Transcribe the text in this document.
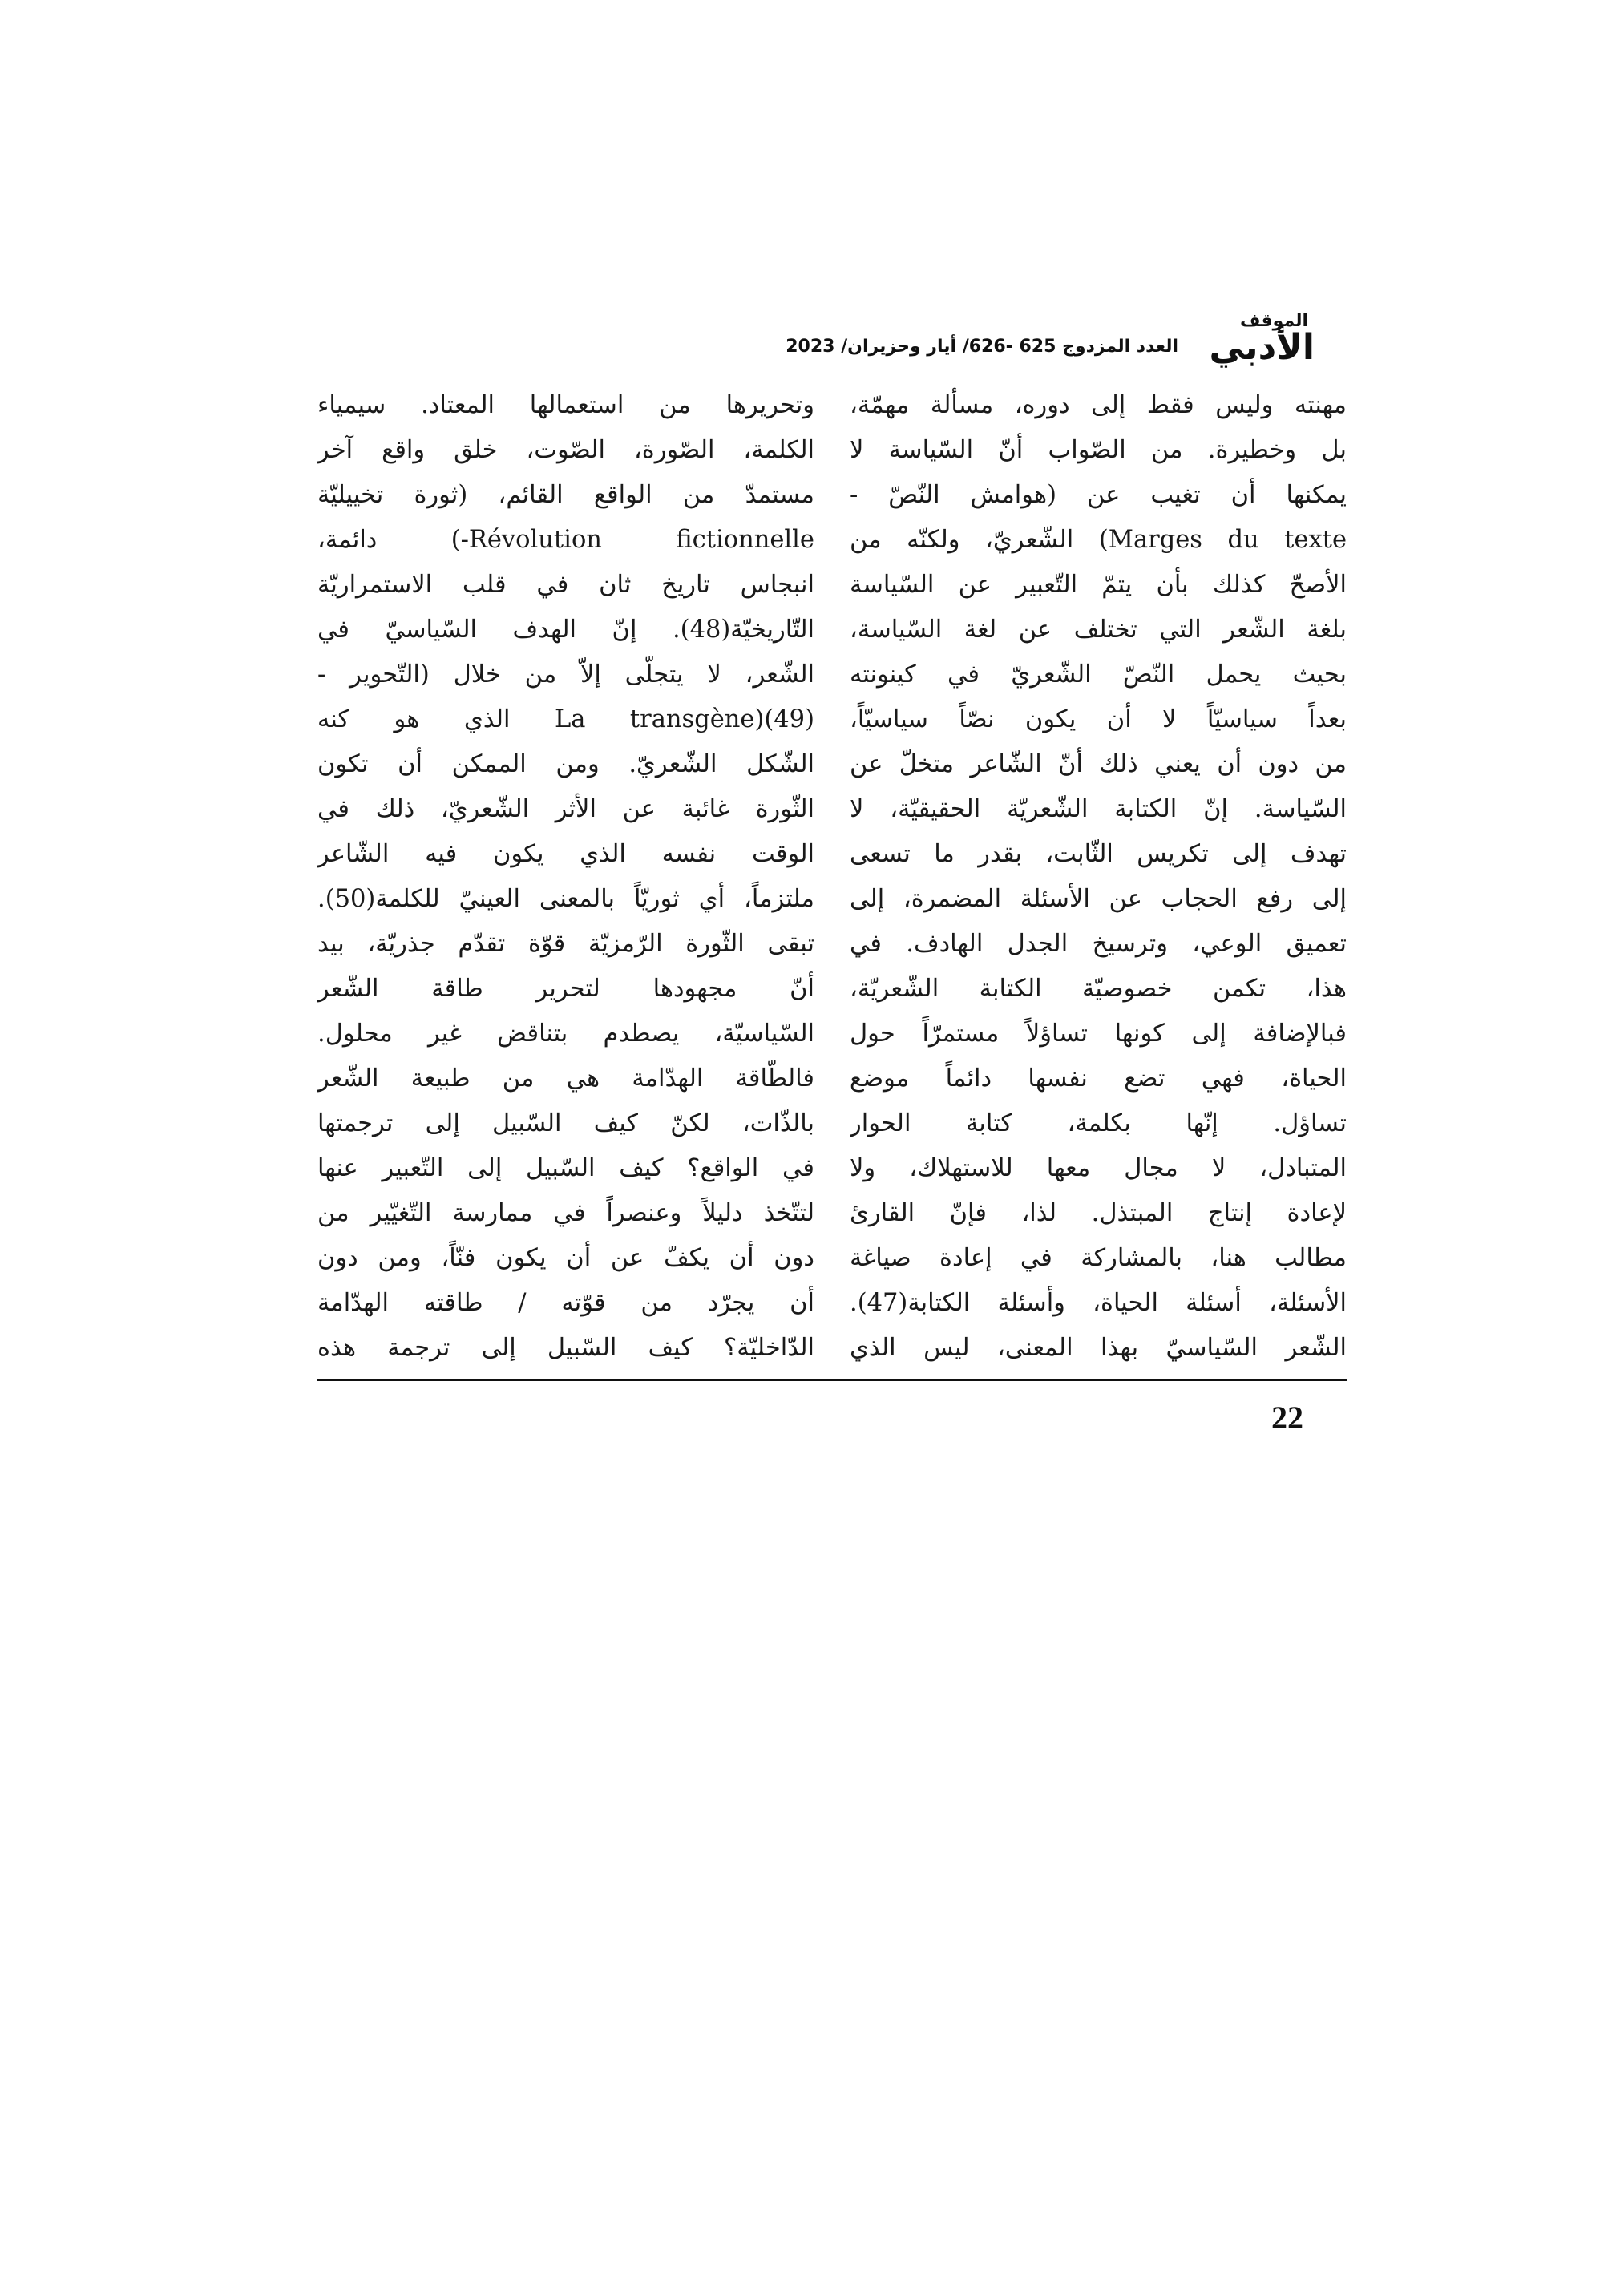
الموقف
الأدبي
العدد المزدوج 625 -626/ أيار وحزيران/ 2023
مهنته وليس فقط إلى دوره، مسألة مهمّة،
بل وخطيرة. من الصّواب أنّ السّياسة لا
يمكنها أن تغيب عن (هوامش النّصّ -
Marges du texte) الشّعريّ، ولكنّه من
الأصحّ كذلك بأن يتمّ التّعبير عن السّياسة
بلغة الشّعر التي تختلف عن لغة السّياسة،
بحيث يحمل النّصّ الشّعريّ في كينونته
بعداً سياسيّاً لا أن يكون نصّاً سياسيّاً،
من دون أن يعني ذلك أنّ الشّاعر متخلّ عن
السّياسة. إنّ الكتابة الشّعريّة الحقيقيّة، لا
تهدف إلى تكريس الثّابت، بقدر ما تسعى
إلى رفع الحجاب عن الأسئلة المضمرة، إلى
تعميق الوعي، وترسيخ الجدل الهادف. في
هذا، تكمن خصوصيّة الكتابة الشّعريّة،
فبالإضافة إلى كونها تساؤلاً مستمرّاً حول
الحياة، فهي تضع نفسها دائماً موضع
تساؤل. إنّها بكلمة، كتابة الحوار
المتبادل، لا مجال معها للاستهلاك، ولا
لإعادة إنتاج المبتذل. لذا، فإنّ القارئ
مطالب هنا، بالمشاركة في إعادة صياغة
الأسئلة، أسئلة الحياة، وأسئلة الكتابة(47).
الشّعر السّياسيّ بهذا المعنى، ليس الذي
وتحريرها من استعمالها المعتاد. سيمياء
الكلمة، الصّورة، الصّوت، خلق واقع آخر
مستمدّ من الواقع القائم، (ثورة تخييليّة
Révolution fictionnelle-) دائمة،
انبجاس تاريخ ثان في قلب الاستمراريّة
التّاريخيّة(48). إنّ الهدف السّياسيّ في
الشّعر، لا يتجلّى إلاّ من خلال (التّحوير -
La transgène)(49) الذي هو كنه
الشّكل الشّعريّ. ومن الممكن أن تكون
الثّورة غائبة عن الأثر الشّعريّ، ذلك في
الوقت نفسه الذي يكون فيه الشّاعر
ملتزماً، أي ثوريّاً بالمعنى العينيّ للكلمة(50).
تبقى الثّورة الرّمزيّة قوّة تقدّم جذريّة، بيد
أنّ مجهودها لتحرير طاقة الشّعر
السّياسيّة، يصطدم بتناقض غير محلول.
فالطّاقة الهدّامة هي من طبيعة الشّعر
بالذّات، لكنّ كيف السّبيل إلى ترجمتها
في الواقع؟ كيف السّبيل إلى التّعبير عنها
لتتّخذ دليلاً وعنصراً في ممارسة التّغيّير من
دون أن يكفّ عن أن يكون فنّاً، ومن دون
أن يجرّد من قوّته / طاقته الهدّامة
الدّاخليّة؟ كيف السّبيل إلى ترجمة هذه
22
